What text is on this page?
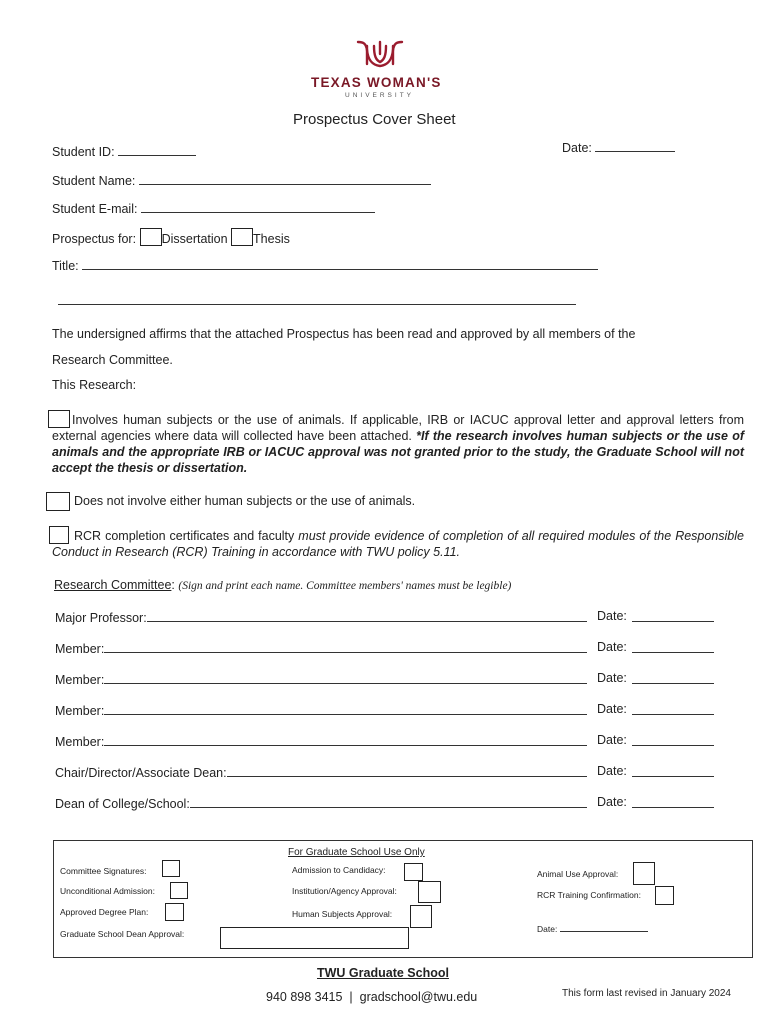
TEXAS WOMAN'S
UNIVERSITY
Prospectus Cover Sheet
Student ID:	Date:
Student Name:
Student E-mail:
Prospectus for: Dissertation Thesis
Title:
The undersigned affirms that the attached Prospectus has been read and approved by all members of the
Research Committee.
This Research:
Involves human subjects or the use of animals. If applicable, IRB or IACUC approval letter and approval letters from external agencies where data will collected have been attached. *If the research involves human subjects or the use of animals and the appropriate IRB or IACUC approval was not granted prior to the study, the Graduate School will not accept the thesis or dissertation.
Does not involve either human subjects or the use of animals.
RCR completion certificates and faculty must provide evidence of completion of all required modules of the Responsible Conduct in Research (RCR) Training in accordance with TWU policy 5.11.
Research Committee: (Sign and print each name. Committee members' names must be legible)
Major Professor:	Date:
Member:	Date:
Member:	Date:
Member:	Date:
Member:	Date:
Chair/Director/Associate Dean:	Date:
Dean of College/School:	Date:
For Graduate School Use Only
Committee Signatures:
Unconditional Admission:
Approved Degree Plan:
Graduate School Dean Approval:
Admission to Candidacy:
Institution/Agency Approval:
Human Subjects Approval:
Animal Use Approval:
RCR Training Confirmation:
Date:
TWU Graduate School
940 898 3415 | gradschool@twu.edu	This form last revised in January 2024
